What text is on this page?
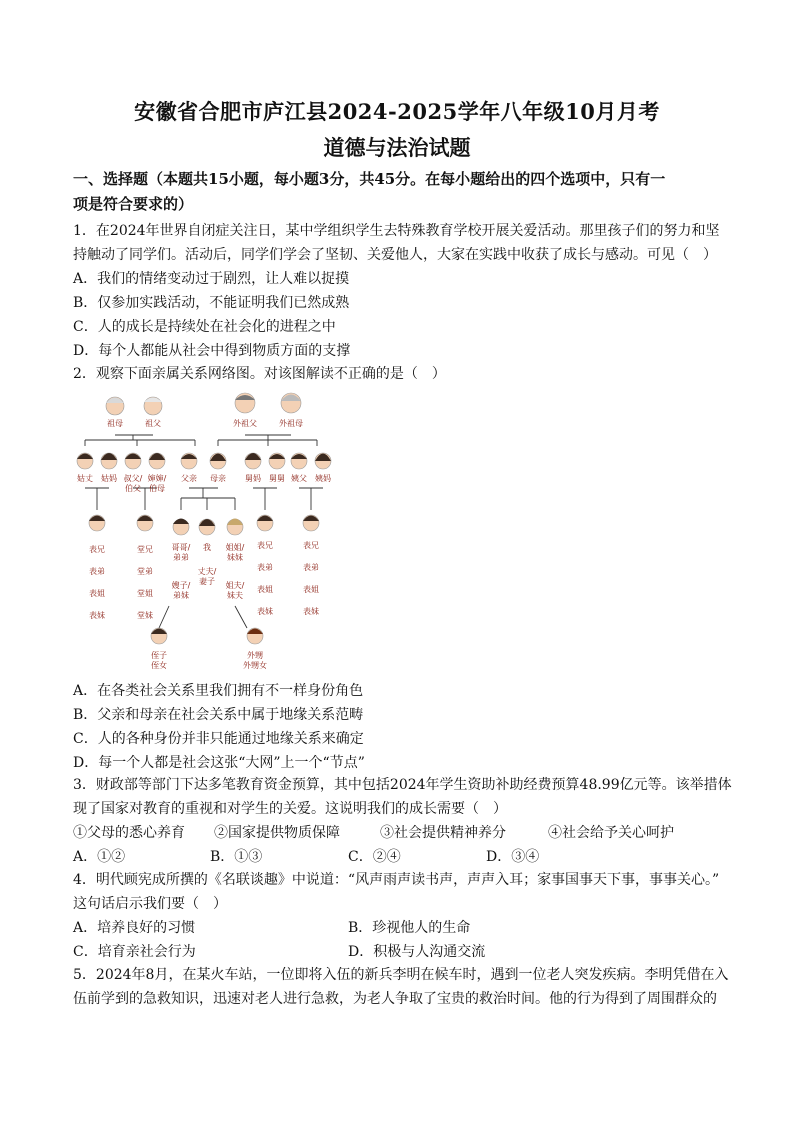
安徽省合肥市庐江县2024-2025学年八年级10月月考
道德与法治试题
一、选择题（本题共15小题，每小题3分，共45分。在每小题给出的四个选项中，只有一
项是符合要求的）
1．在2024年世界自闭症关注日，某中学组织学生去特殊教育学校开展关爱活动。那里孩子们的努力和坚
持触动了同学们。活动后，同学们学会了坚韧、关爱他人，大家在实践中收获了成长与感动。可见（　）
A．我们的情绪变动过于剧烈，让人难以捉摸
B．仅参加实践活动，不能证明我们已然成熟
C．人的成长是持续处在社会化的进程之中
D．每个人都能从社会中得到物质方面的支撑
2．观察下面亲属关系网络图。对该图解读不正确的是（　）
祖母	祖父	外祖父	外祖母
姑丈 姑妈 叔父/
伯父
婶婶/
伯母
父亲 母亲 舅妈 舅舅 姨父 姨妈
表兄
表弟
表姐
表妹
堂兄
堂弟
堂姐
堂妹
哥哥/
弟弟
我 姐姐/
妹妹
丈夫/
妻子
嫂子/
弟妹
姐夫/
妹夫
表兄
表弟
表姐
表妹
表兄
表弟
表姐
表妹
侄子
侄女
外甥
外甥女
A．在各类社会关系里我们拥有不一样身份角色
B．父亲和母亲在社会关系中属于地缘关系范畴
C．人的各种身份并非只能通过地缘关系来确定
D．每一个人都是社会这张“大网”上一个“节点”
3．财政部等部门下达多笔教育资金预算，其中包括2024年学生资助补助经费预算48.99亿元等。该举措体
现了国家对教育的重视和对学生的关爱。这说明我们的成长需要（　）
①父母的悉心养育 ②国家提供物质保障	③社会提供精神养分	④社会给予关心呵护
A．①②	B．①③	C．②④	D．③④
4．明代顾宪成所撰的《名联谈趣》中说道：“风声雨声读书声，声声入耳；家事国事天下事，事事关心。”
这句话启示我们要（　）
A．培养良好的习惯	B．珍视他人的生命
C．培育亲社会行为	D．积极与人沟通交流
5．2024年8月，在某火车站，一位即将入伍的新兵李明在候车时，遇到一位老人突发疾病。李明凭借在入
伍前学到的急救知识，迅速对老人进行急救，为老人争取了宝贵的救治时间。他的行为得到了周围群众的
